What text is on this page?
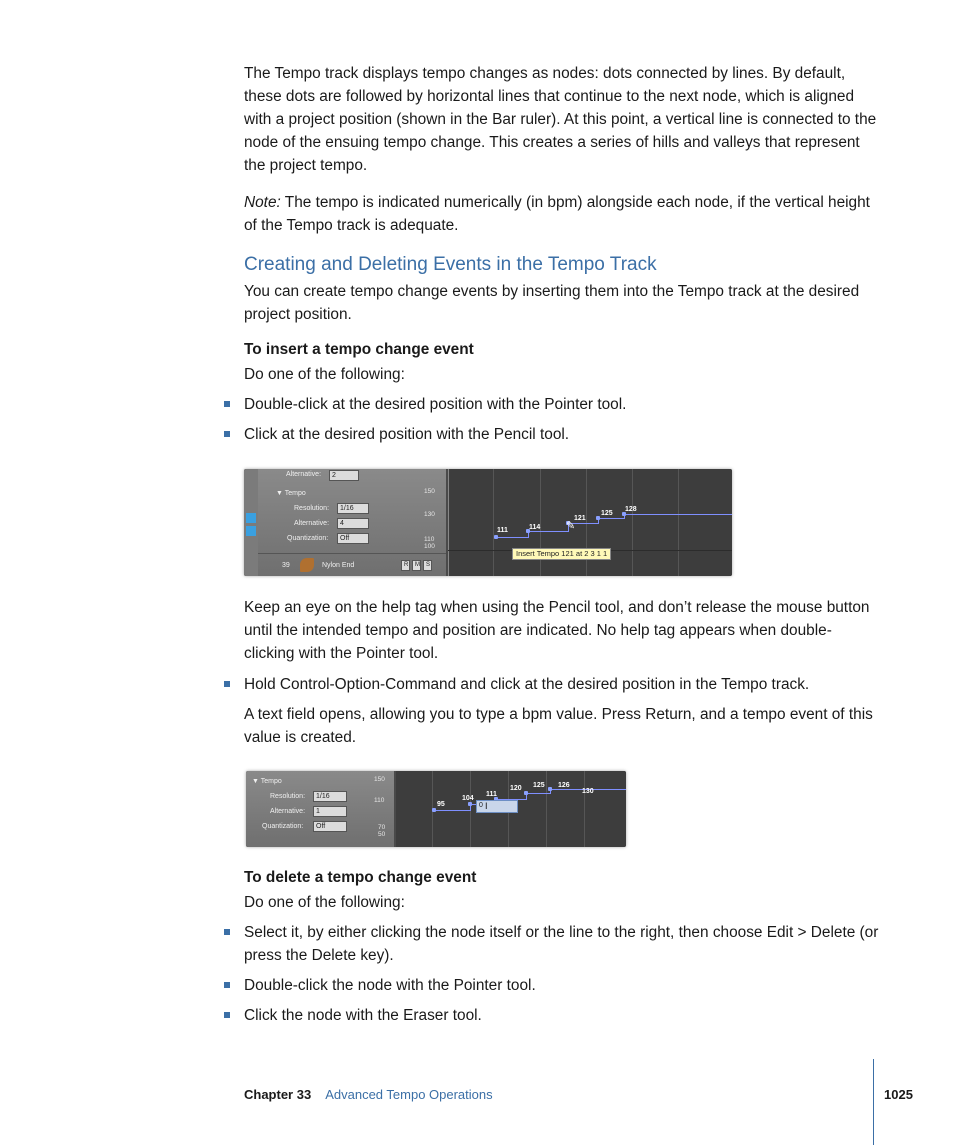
The Tempo track displays tempo changes as nodes: dots connected by lines. By default, these dots are followed by horizontal lines that continue to the next node, which is aligned with a project position (shown in the Bar ruler). At this point, a vertical line is connected to the node of the ensuing tempo change. This creates a series of hills and valleys that represent the project tempo.

Note: The tempo is indicated numerically (in bpm) alongside each node, if the vertical height of the Tempo track is adequate.

Creating and Deleting Events in the Tempo Track

You can create tempo change events by inserting them into the Tempo track at the desired project position.

To insert a tempo change event

Do one of the following:

Double-click at the desired position with the Pointer tool.
Click at the desired position with the Pencil tool.
Alternative:	2
▼ Tempo
Resolution:	1/16
Alternative:	4
Quantization:	Off
150
130
110
100
39	Nylon End	R	M	S
111	114
121
125
128
✎
Insert Tempo 121 at 2 3 1 1

Keep an eye on the help tag when using the Pencil tool, and don’t release the mouse button until the intended tempo and position are indicated. No help tag appears when double-clicking with the Pointer tool.

Hold Control-Option-Command and click at the desired position in the Tempo track.

A text field opens, allowing you to type a bpm value. Press Return, and a tempo event of this value is created.

▼ Tempo
Resolution:	1/16
Alternative:	1
Quantization:	Off
150
110
70
50
95
104
111
120 125 126
130
0 I

To delete a tempo change event

Do one of the following:

Select it, by either clicking the node itself or the line to the right, then choose Edit > Delete (or press the Delete key).
Double-click the node with the Pointer tool.
Click the node with the Eraser tool.
Chapter 33 Advanced Tempo Operations	1025
